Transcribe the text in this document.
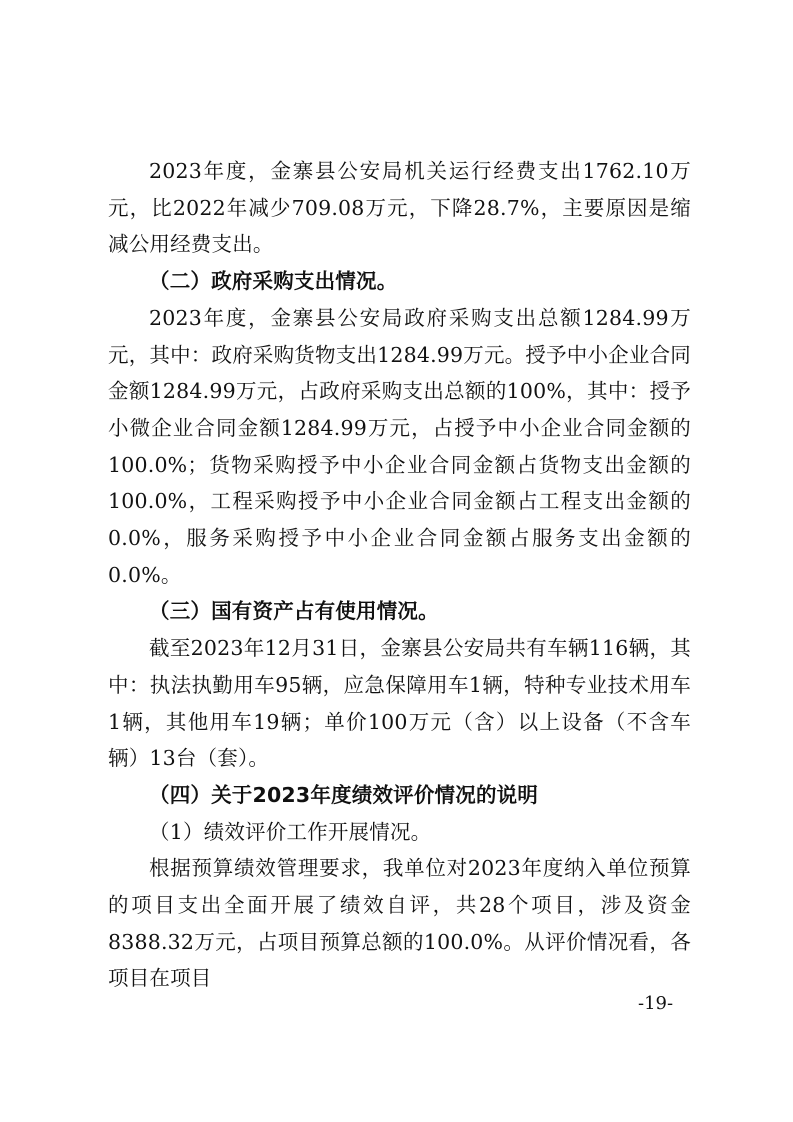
2023年度，金寨县公安局机关运行经费支出1762.10万元，比2022年减少709.08万元，下降28.7%，主要原因是缩减公用经费支出。

（二）政府采购支出情况。

2023年度，金寨县公安局政府采购支出总额1284.99万元，其中：政府采购货物支出1284.99万元。授予中小企业合同金额1284.99万元，占政府采购支出总额的100%，其中：授予小微企业合同金额1284.99万元，占授予中小企业合同金额的100.0%；货物采购授予中小企业合同金额占货物支出金额的100.0%，工程采购授予中小企业合同金额占工程支出金额的0.0%，服务采购授予中小企业合同金额占服务支出金额的0.0%。

（三）国有资产占有使用情况。

截至2023年12月31日，金寨县公安局共有车辆116辆，其中：执法执勤用车95辆，应急保障用车1辆，特种专业技术用车1辆，其他用车19辆；单价100万元（含）以上设备（不含车辆）13台（套）。

（四）关于2023年度绩效评价情况的说明

（1）绩效评价工作开展情况。

根据预算绩效管理要求，我单位对2023年度纳入单位预算的项目支出全面开展了绩效自评，共28个项目，涉及资金8388.32万元，占项目预算总额的100.0%。从评价情况看，各项目在项目

-19-
